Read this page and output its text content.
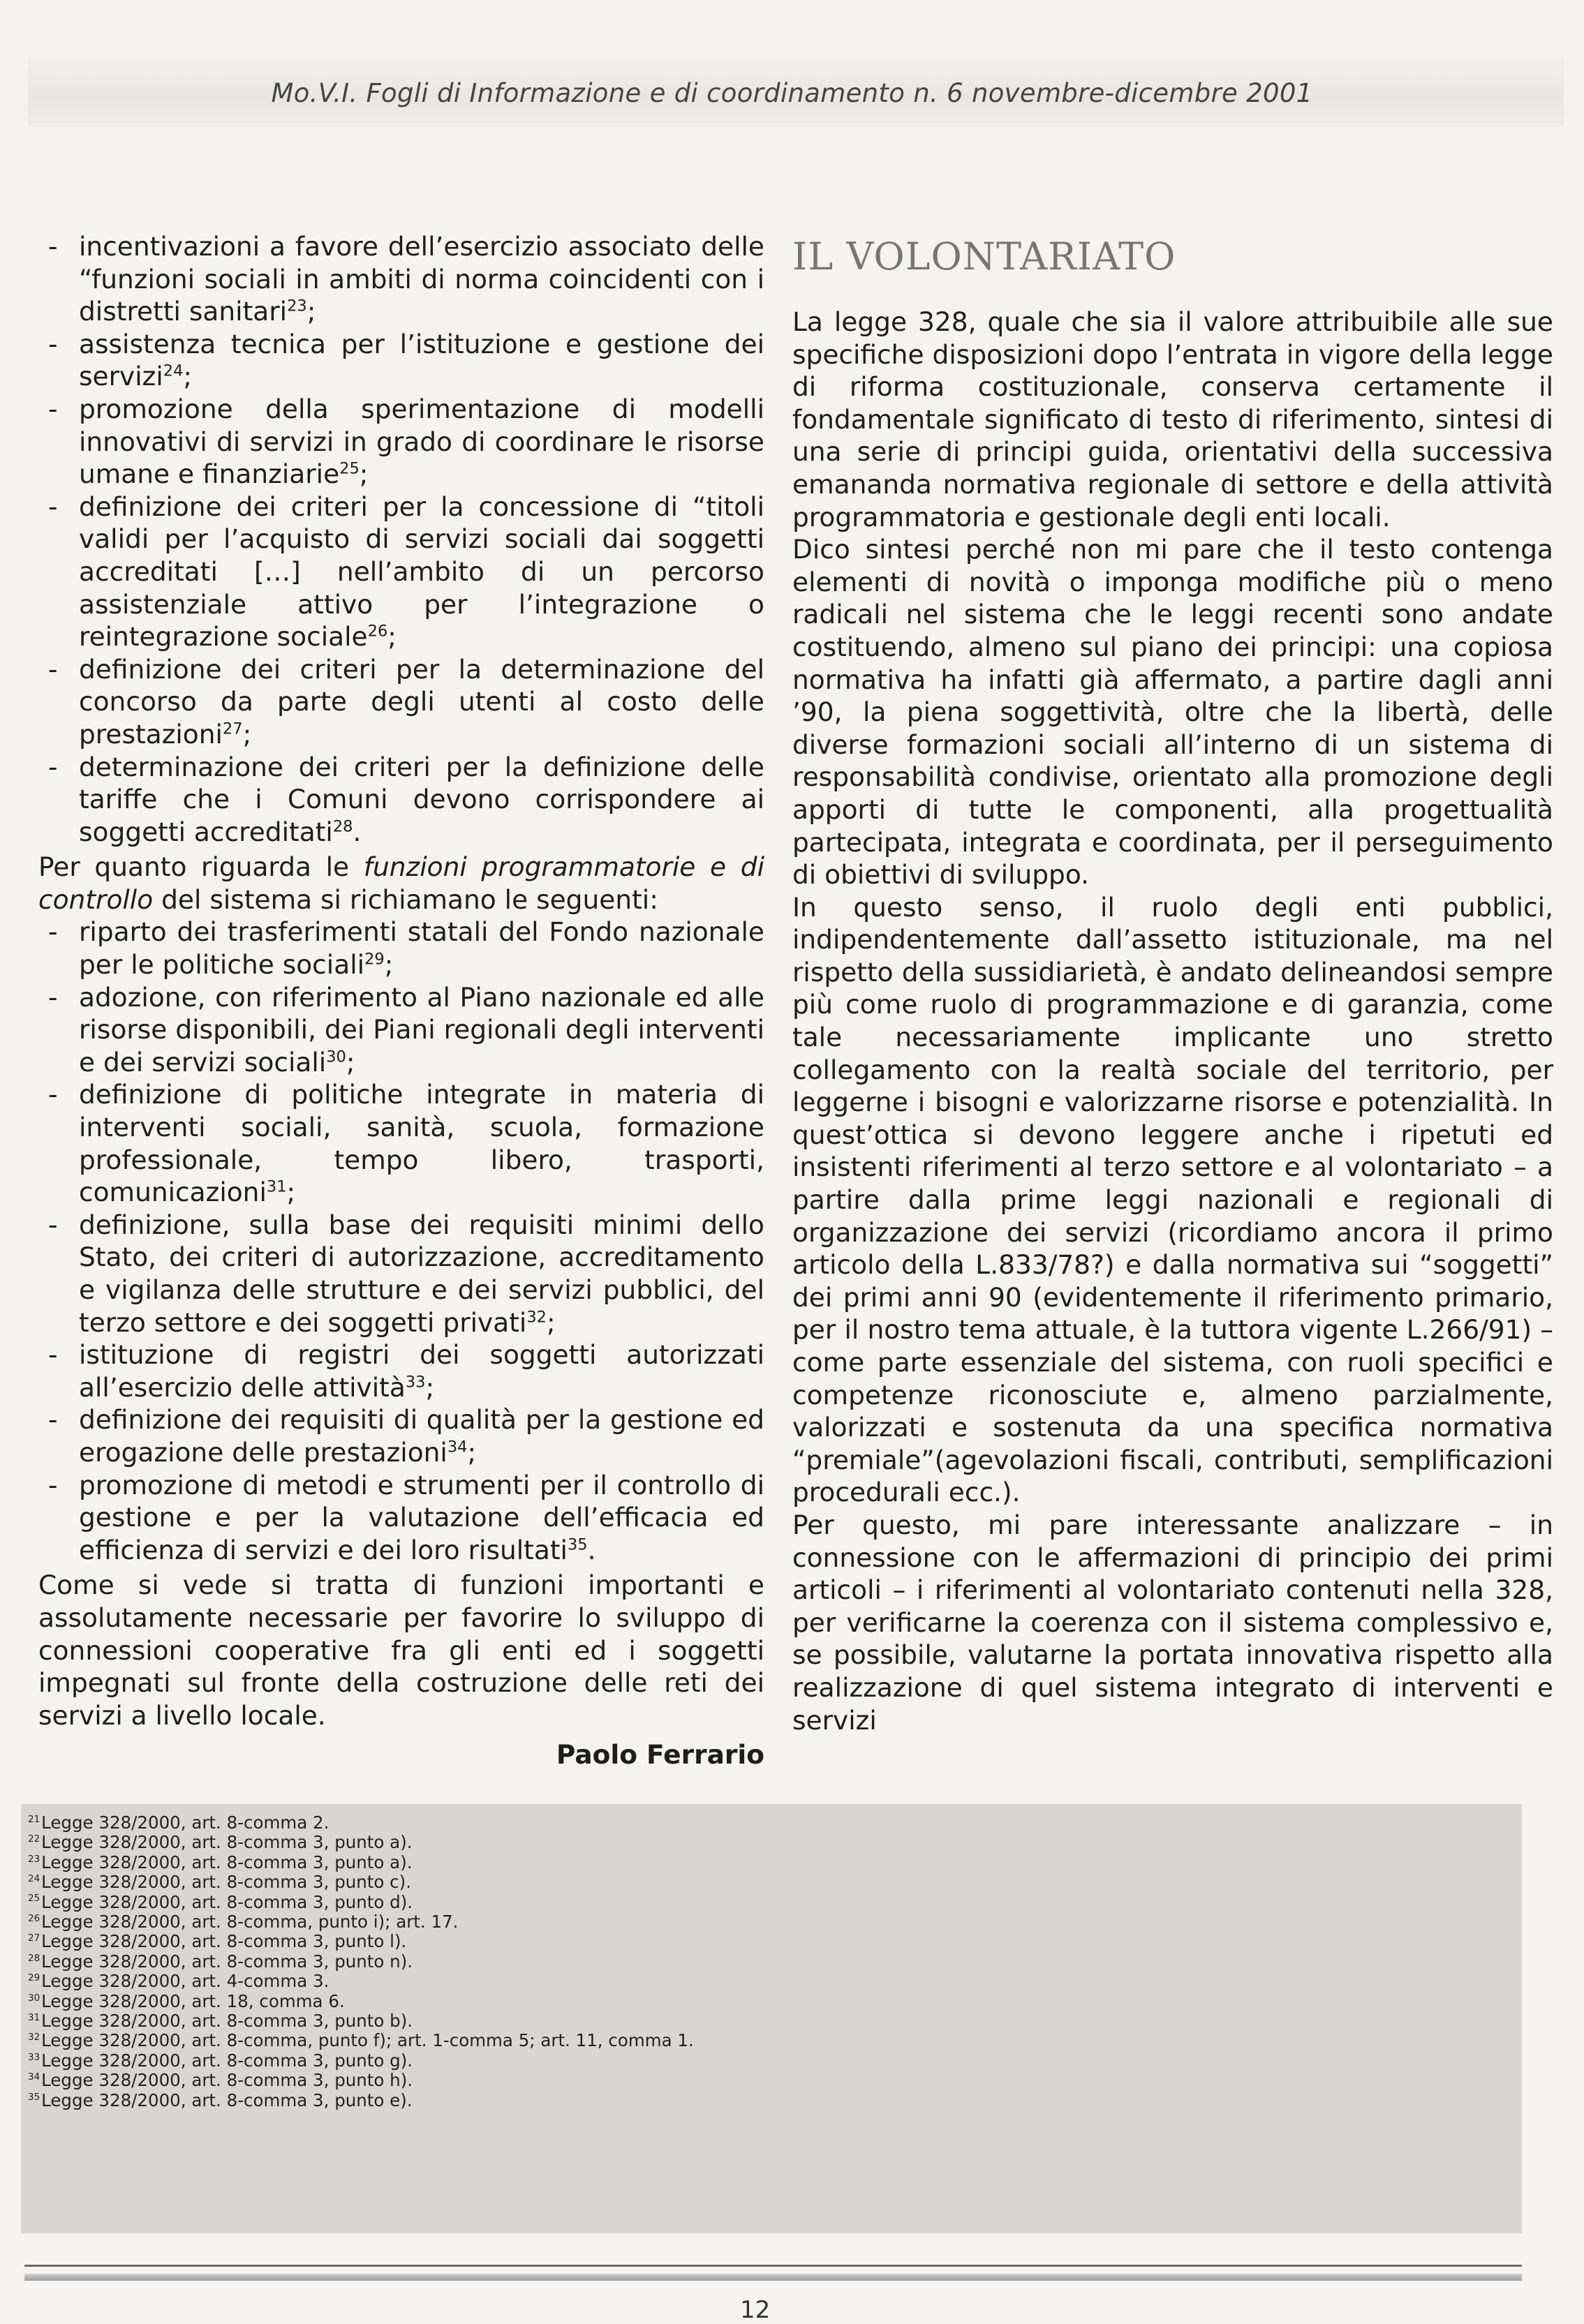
Mo.V.I. Fogli di Informazione e di coordinamento n. 6 novembre-dicembre 2001
- incentivazioni a favore dell’esercizio associato delle “funzioni sociali in ambiti di norma coincidenti con i distretti sanitari$^{23}$;
- assistenza tecnica per l’istituzione e gestione dei servizi$^{24}$;
- promozione della sperimentazione di modelli innovativi di servizi in grado di coordinare le risorse umane e finanziarie$^{25}$;
- definizione dei criteri per la concessione di “titoli validi per l’acquisto di servizi sociali dai soggetti accreditati […] nell’ambito di un percorso assistenziale attivo per l’integrazione o reintegrazione sociale$^{26}$;
- definizione dei criteri per la determinazione del concorso da parte degli utenti al costo delle prestazioni$^{27}$;
- determinazione dei criteri per la definizione delle tariffe che i Comuni devono corrispondere ai soggetti accreditati$^{28}$.

Per quanto riguarda le funzioni programmatorie e di controllo del sistema si richiamano le seguenti:

- riparto dei trasferimenti statali del Fondo nazionale per le politiche sociali$^{29}$;
- adozione, con riferimento al Piano nazionale ed alle risorse disponibili, dei Piani regionali degli interventi e dei servizi sociali$^{30}$;
- definizione di politiche integrate in materia di interventi sociali, sanità, scuola, formazione professionale, tempo libero, trasporti, comunicazioni$^{31}$;
- definizione, sulla base dei requisiti minimi dello Stato, dei criteri di autorizzazione, accreditamento e vigilanza delle strutture e dei servizi pubblici, del terzo settore e dei soggetti privati$^{32}$;
- istituzione di registri dei soggetti autorizzati all’esercizio delle attività$^{33}$;
- definizione dei requisiti di qualità per la gestione ed erogazione delle prestazioni$^{34}$;
- promozione di metodi e strumenti per il controllo di gestione e per la valutazione dell’efficacia ed efficienza di servizi e dei loro risultati$^{35}$.

Come si vede si tratta di funzioni importanti e assolutamente necessarie per favorire lo sviluppo di connessioni cooperative fra gli enti ed i soggetti impegnati sul fronte della costruzione delle reti dei servizi a livello locale.

Paolo Ferrario

IL VOLONTARIATO

La legge 328, quale che sia il valore attribuibile alle sue specifiche disposizioni dopo l’entrata in vigore della legge di riforma costituzionale, conserva certamente il fondamentale significato di testo di riferimento, sintesi di una serie di principi guida, orientativi della successiva emananda normativa regionale di settore e della attività programmatoria e gestionale degli enti locali.

Dico sintesi perché non mi pare che il testo contenga elementi di novità o imponga modifiche più o meno radicali nel sistema che le leggi recenti sono andate costituendo, almeno sul piano dei principi: una copiosa normativa ha infatti già affermato, a partire dagli anni ’90, la piena soggettività, oltre che la libertà, delle diverse formazioni sociali all’interno di un sistema di responsabilità condivise, orientato alla promozione degli apporti di tutte le componenti, alla progettualità partecipata, integrata e coordinata, per il perseguimento di obiettivi di sviluppo.

In questo senso, il ruolo degli enti pubblici, indipendentemente dall’assetto istituzionale, ma nel rispetto della sussidiarietà, è andato delineandosi sempre più come ruolo di programmazione e di garanzia, come tale necessariamente implicante uno stretto collegamento con la realtà sociale del territorio, per leggerne i bisogni e valorizzarne risorse e potenzialità. In quest’ottica si devono leggere anche i ripetuti ed insistenti riferimenti al terzo settore e al volontariato – a partire dalla prime leggi nazionali e regionali di organizzazione dei servizi (ricordiamo ancora il primo articolo della L.833/78?) e dalla normativa sui “soggetti” dei primi anni 90 (evidentemente il riferimento primario, per il nostro tema attuale, è la tuttora vigente L.266/91) – come parte essenziale del sistema, con ruoli specifici e competenze riconosciute e, almeno parzialmente, valorizzati e sostenuta da una specifica normativa “premiale”(agevolazioni fiscali, contributi, semplificazioni procedurali ecc.).

Per questo, mi pare interessante analizzare – in connessione con le affermazioni di principio dei primi articoli – i riferimenti al volontariato contenuti nella 328, per verificarne la coerenza con il sistema complessivo e, se possibile, valutarne la portata innovativa rispetto alla realizzazione di quel sistema integrato di interventi e servizi

$^{21}$Legge 328/2000, art. 8-comma 2.
$^{22}$Legge 328/2000, art. 8-comma 3, punto a).
$^{23}$Legge 328/2000, art. 8-comma 3, punto a).
$^{24}$Legge 328/2000, art. 8-comma 3, punto c).
$^{25}$Legge 328/2000, art. 8-comma 3, punto d).
$^{26}$Legge 328/2000, art. 8-comma, punto i); art. 17.
$^{27}$Legge 328/2000, art. 8-comma 3, punto l).
$^{28}$Legge 328/2000, art. 8-comma 3, punto n).
$^{29}$Legge 328/2000, art. 4-comma 3.
$^{30}$Legge 328/2000, art. 18, comma 6.
$^{31}$Legge 328/2000, art. 8-comma 3, punto b).
$^{32}$Legge 328/2000, art. 8-comma, punto f); art. 1-comma 5; art. 11, comma 1.
$^{33}$Legge 328/2000, art. 8-comma 3, punto g).
$^{34}$Legge 328/2000, art. 8-comma 3, punto h).
$^{35}$Legge 328/2000, art. 8-comma 3, punto e).
12
